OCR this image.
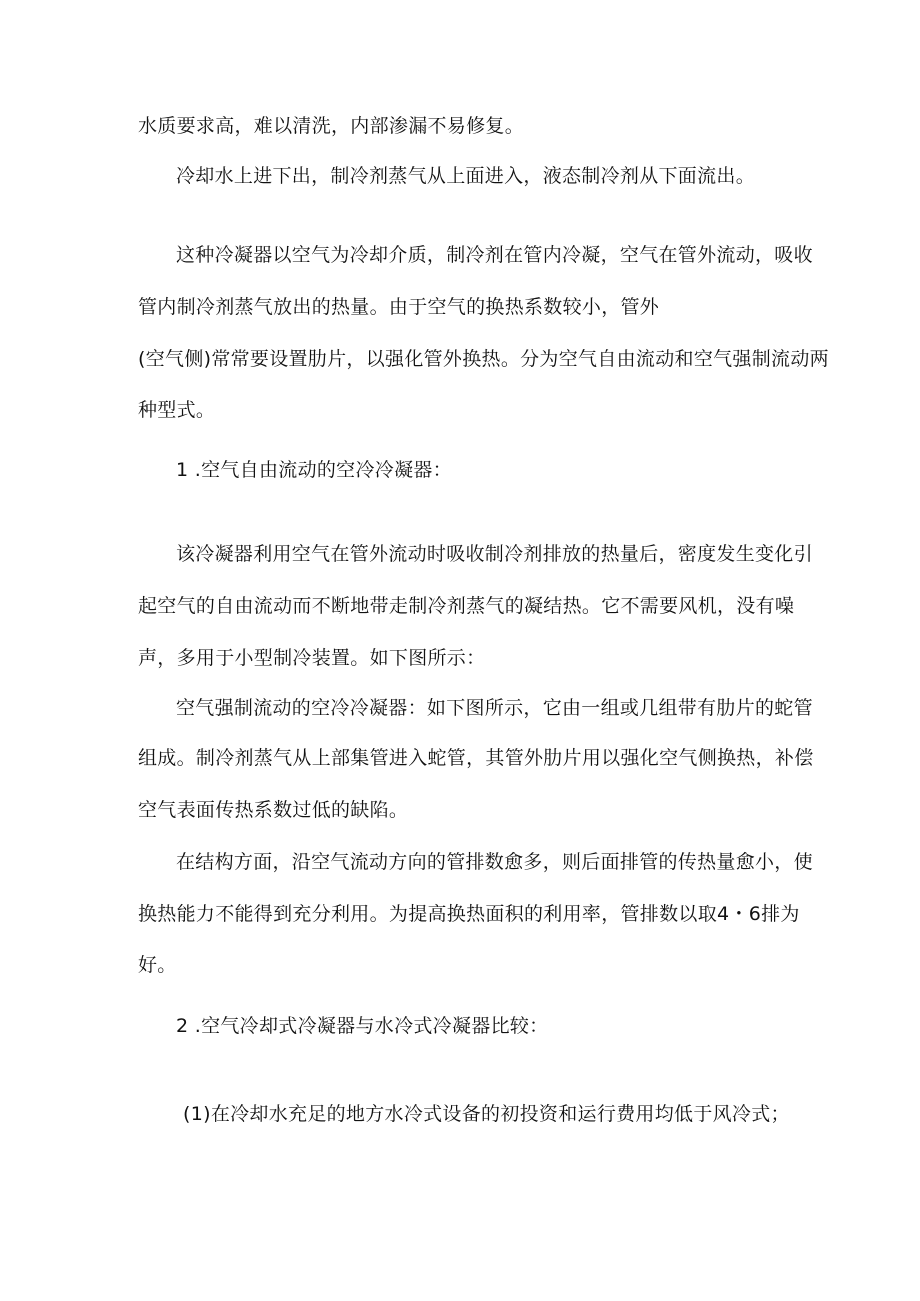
水质要求高，难以清洗，内部渗漏不易修复。
冷却水上进下出，制冷剂蒸气从上面进入，液态制冷剂从下面流出。
这种冷凝器以空气为冷却介质，制冷剂在管内冷凝，空气在管外流动，吸收
管内制冷剂蒸气放出的热量。由于空气的换热系数较小，管外
(空气侧)常常要设置肋片，以强化管外换热。分为空气自由流动和空气强制流动两
种型式。
1 .空气自由流动的空冷冷凝器：
该冷凝器利用空气在管外流动时吸收制冷剂排放的热量后，密度发生变化引
起空气的自由流动而不断地带走制冷剂蒸气的凝结热。它不需要风机，没有噪
声，多用于小型制冷装置。如下图所示：
空气强制流动的空冷冷凝器：如下图所示，它由一组或几组带有肋片的蛇管
组成。制冷剂蒸气从上部集管进入蛇管，其管外肋片用以强化空气侧换热，补偿
空气表面传热系数过低的缺陷。
在结构方面，沿空气流动方向的管排数愈多，则后面排管的传热量愈小，使
换热能力不能得到充分利用。为提高换热面积的利用率，管排数以取4・6排为
好。
2 .空气冷却式冷凝器与水冷式冷凝器比较：
(1)在冷却水充足的地方水冷式设备的初投资和运行费用均低于风冷式；
